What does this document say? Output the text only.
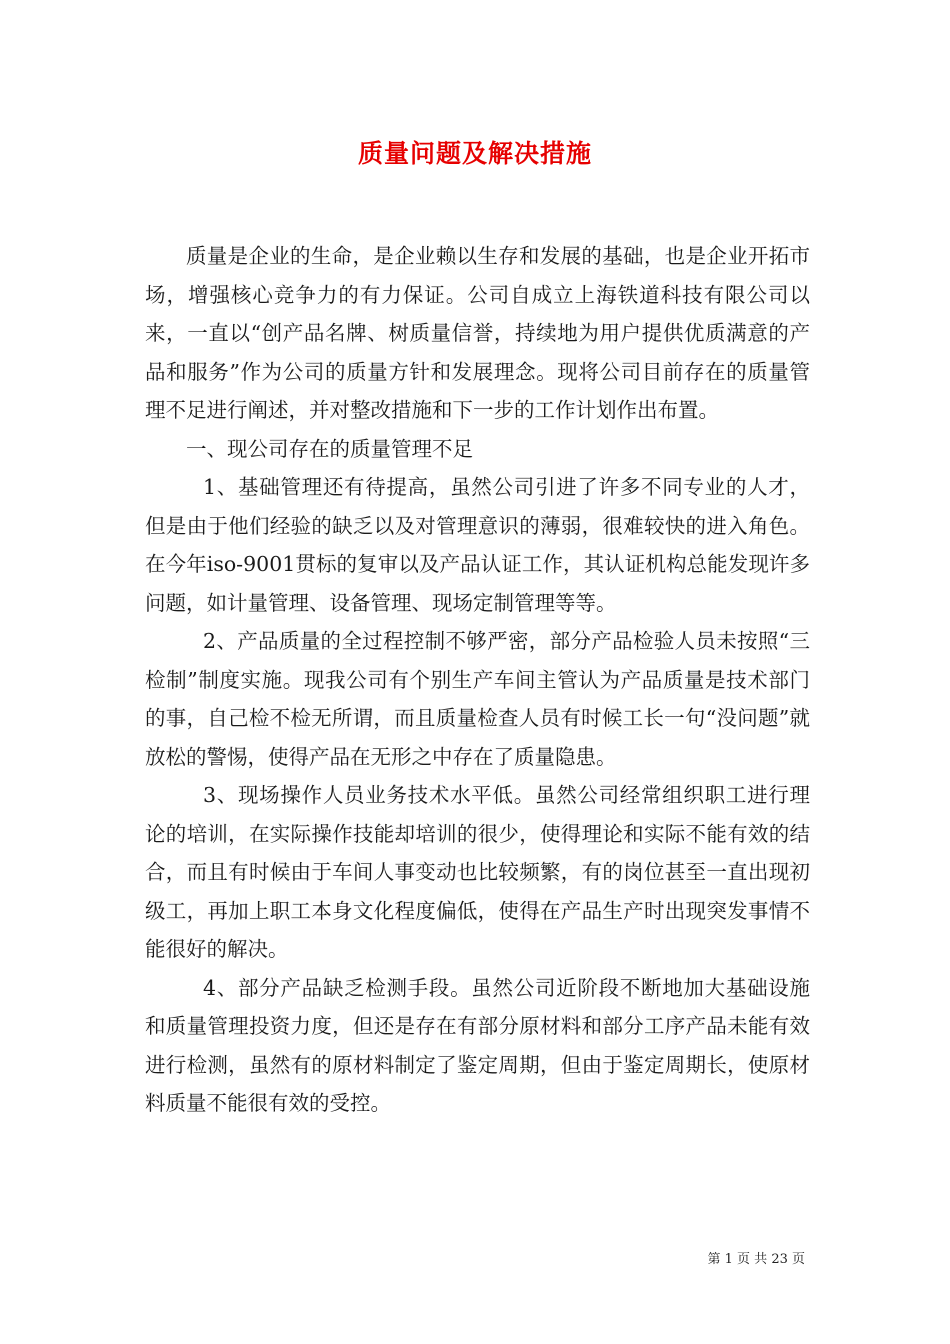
质量问题及解决措施

质量是企业的生命，是企业赖以生存和发展的基础，也是企业开拓市场，增强核心竞争力的有力保证。公司自成立上海铁道科技有限公司以来，一直以“创产品名牌、树质量信誉，持续地为用户提供优质满意的产品和服务”作为公司的质量方针和发展理念。现将公司目前存在的质量管理不足进行阐述，并对整改措施和下一步的工作计划作出布置。

一、现公司存在的质量管理不足

1、基础管理还有待提高，虽然公司引进了许多不同专业的人才，但是由于他们经验的缺乏以及对管理意识的薄弱，很难较快的进入角色。在今年iso-9001贯标的复审以及产品认证工作，其认证机构总能发现许多问题，如计量管理、设备管理、现场定制管理等等。

2、产品质量的全过程控制不够严密，部分产品检验人员未按照“三检制”制度实施。现我公司有个别生产车间主管认为产品质量是技术部门的事，自己检不检无所谓，而且质量检查人员有时候工长一句“没问题”就放松的警惕，使得产品在无形之中存在了质量隐患。

3、现场操作人员业务技术水平低。虽然公司经常组织职工进行理论的培训，在实际操作技能却培训的很少，使得理论和实际不能有效的结合，而且有时候由于车间人事变动也比较频繁，有的岗位甚至一直出现初级工，再加上职工本身文化程度偏低，使得在产品生产时出现突发事情不能很好的解决。

4、部分产品缺乏检测手段。虽然公司近阶段不断地加大基础设施和质量管理投资力度，但还是存在有部分原材料和部分工序产品未能有效进行检测，虽然有的原材料制定了鉴定周期，但由于鉴定周期长，使原材料质量不能很有效的受控。

第 1 页 共 23 页
